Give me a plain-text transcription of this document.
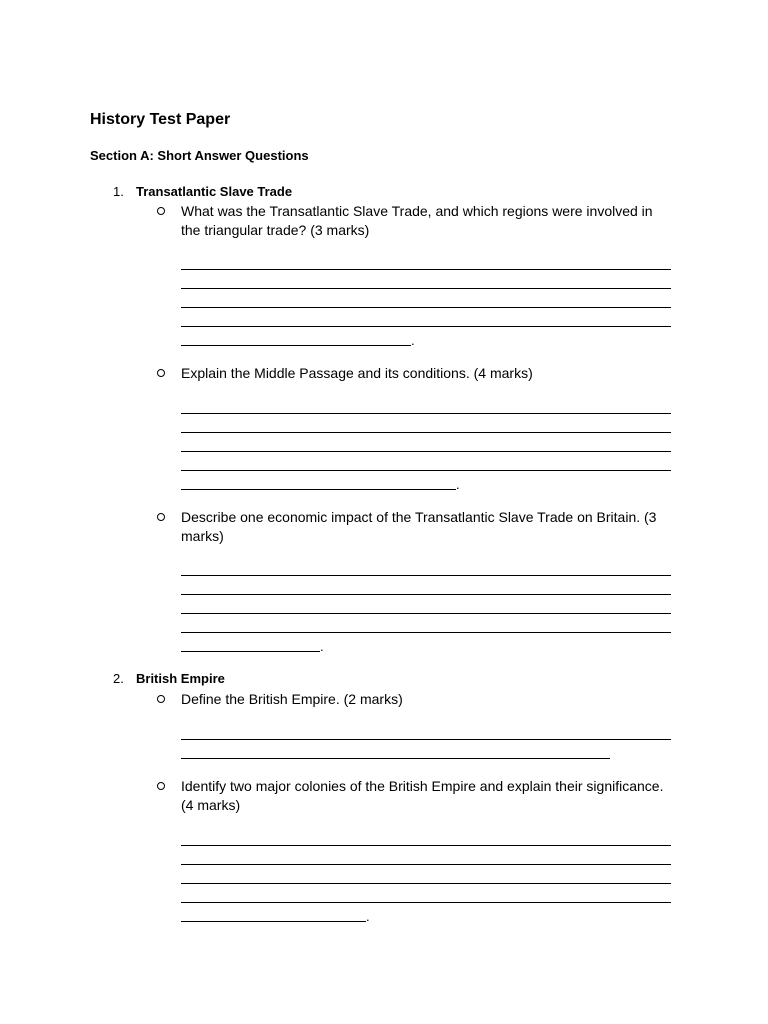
History Test Paper
Section A: Short Answer Questions
1. Transatlantic Slave Trade
What was the Transatlantic Slave Trade, and which regions were involved in the triangular trade? (3 marks)
.
Explain the Middle Passage and its conditions. (4 marks)
.
Describe one economic impact of the Transatlantic Slave Trade on Britain. (3 marks)
.
2. British Empire
Define the British Empire. (2 marks)
Identify two major colonies of the British Empire and explain their significance. (4 marks)
.
